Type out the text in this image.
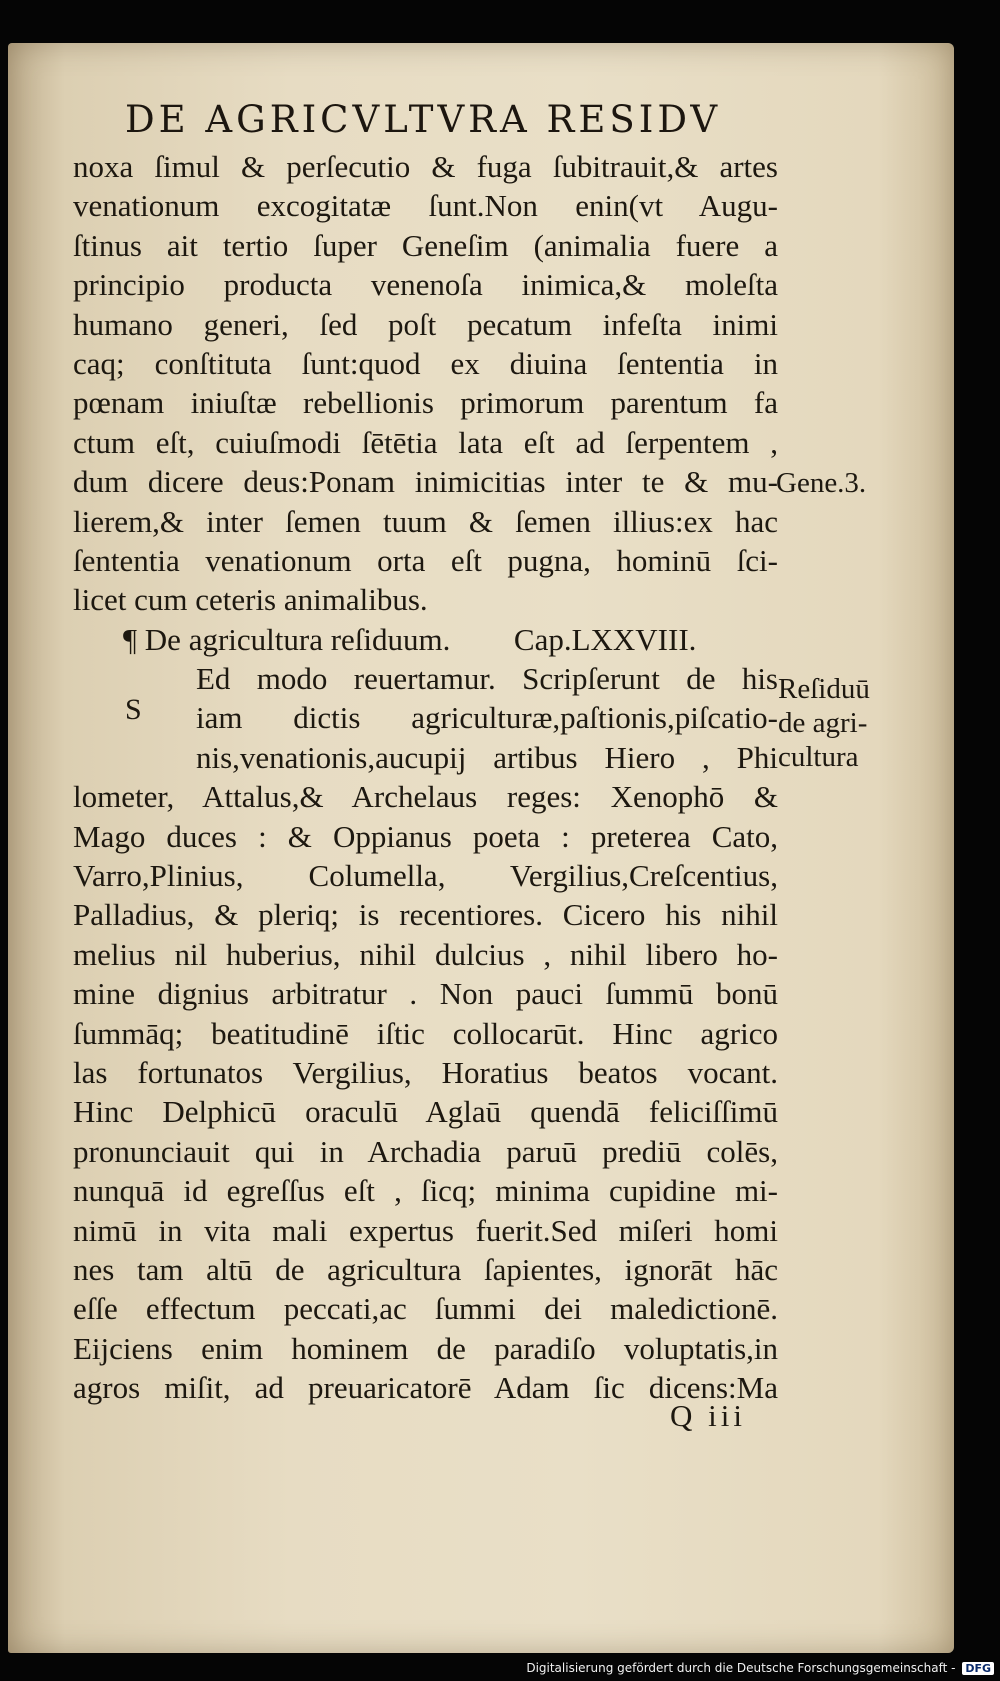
DE AGRICVLTVRA RESIDV
noxa ſimul & perſecutio & fuga ſubitrauit,& artes
venationum excogitatæ ſunt.Non enin(vt Augu-
ſtinus ait tertio ſuper Geneſim (animalia fuere a
principio producta venenoſa inimica,& moleſta
humano generi, ſed poſt pecatum infeſta inimi
caq; conſtituta ſunt:quod ex diuina ſententia in
pœnam iniuſtæ rebellionis primorum parentum fa
ctum eſt, cuiuſmodi ſētētia lata eſt ad ſerpentem ,
dum dicere deus:Ponam inimicitias inter te & mu-
lierem,& inter ſemen tuum & ſemen illius:ex hac
ſententia venationum orta eſt pugna, hominū ſci-
licet cum ceteris animalibus.
¶ De agricultura reſiduum. Cap.LXXVIII.
Ed modo reuertamur. Scripſerunt de his
iam dictis agriculturæ,paſtionis,piſcatio-
nis,venationis,aucupij artibus Hiero , Phi
lometer, Attalus,& Archelaus reges: Xenophō &
Mago duces : & Oppianus poeta : preterea Cato,
Varro,Plinius, Columella, Vergilius,Creſcentius,
Palladius, & pleriq; is recentiores. Cicero his nihil
melius nil huberius, nihil dulcius , nihil libero ho-
mine dignius arbitratur . Non pauci ſummū bonū
ſummāq; beatitudinē iſtic collocarūt. Hinc agrico
las fortunatos Vergilius, Horatius beatos vocant.
Hinc Delphicū oraculū Aglaū quendā feliciſſimū
pronunciauit qui in Archadia paruū prediū colēs,
nunquā id egreſſus eſt , ſicq; minima cupidine mi-
nimū in vita mali expertus fuerit.Sed miſeri homi
nes tam altū de agricultura ſapientes, ignorāt hāc
eſſe effectum peccati,ac ſummi dei maledictionē.
Eijciens enim hominem de paradiſo voluptatis,in
agros miſit, ad preuaricatorē Adam ſic dicens:Ma
S
Gene.3.
Reſiduū
de agri-
cultura
Q iii
Digitalisierung gefördert durch die Deutsche Forschungsgemeinschaft - DFG
